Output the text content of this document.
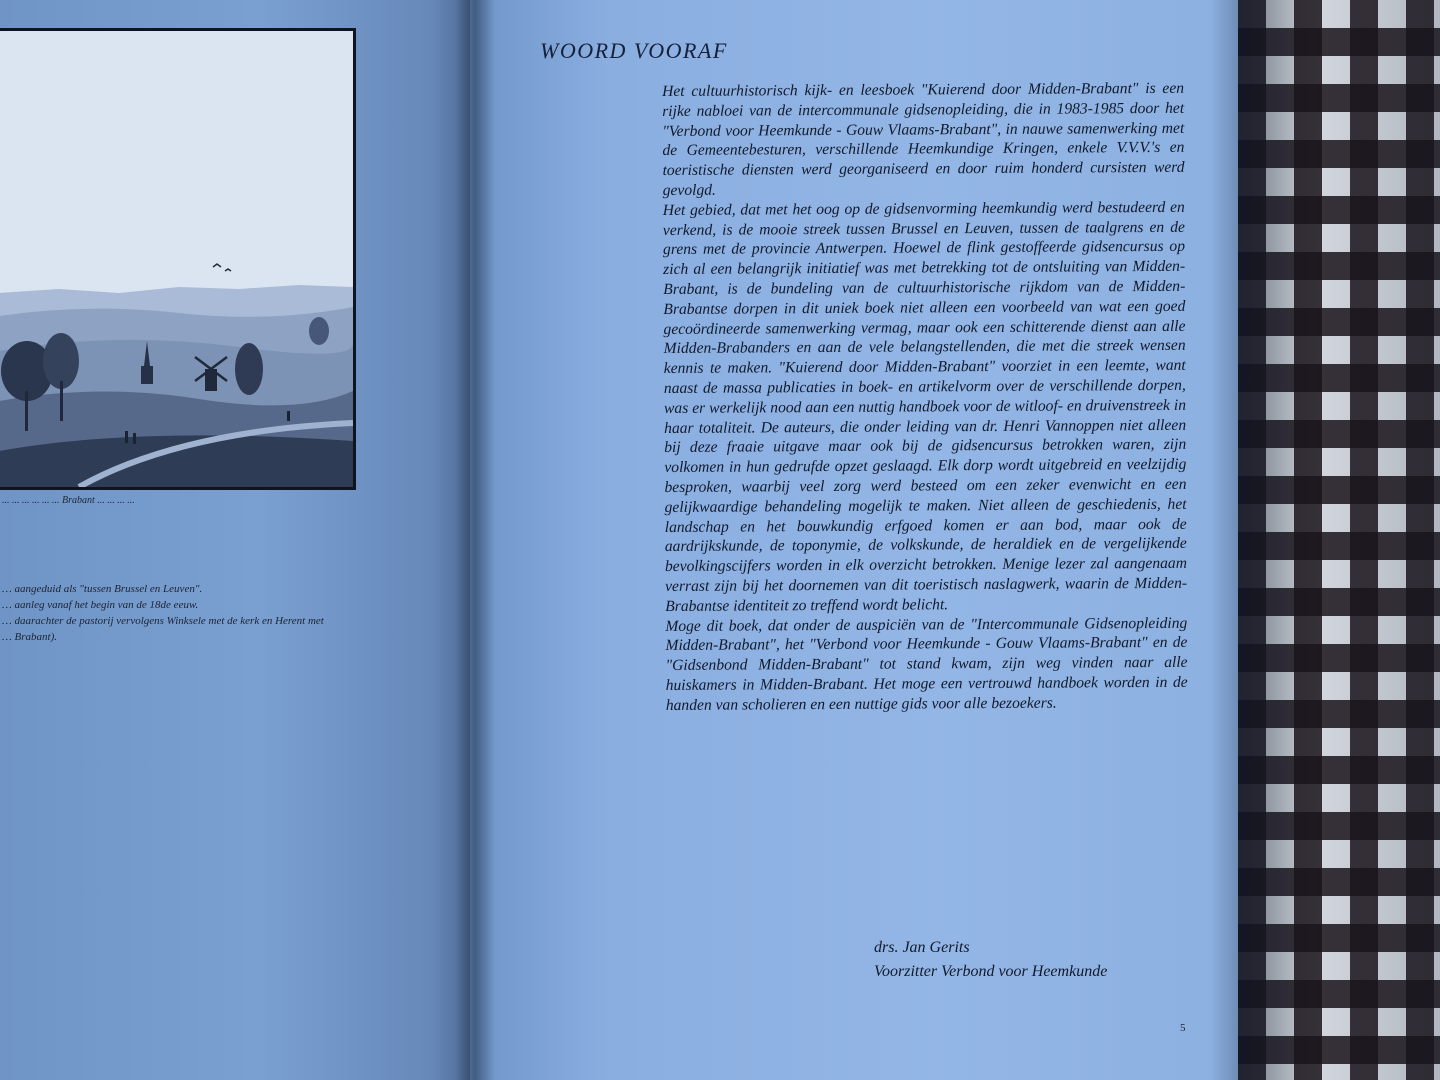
... ... ... ... ... ... Brabant ... ... ... ...
… aangeduid als "tussen Brussel en Leuven".
… aanleg vanaf het begin van de 18de eeuw.
… daarachter de pastorij vervolgens Winksele met de kerk en Herent met
… Brabant).
WOORD VOORAF

Het cultuurhistorisch kijk- en leesboek "Kuierend door Midden-Brabant" is een rijke nabloei van de intercommunale gidsenopleiding, die in 1983-1985 door het "Verbond voor Heemkunde - Gouw Vlaams-Brabant", in nauwe samenwerking met de Gemeentebesturen, verschillende Heemkundige Kringen, enkele V.V.V.'s en toeristische diensten werd georganiseerd en door ruim honderd cursisten werd gevolgd.

Het gebied, dat met het oog op de gidsenvorming heemkundig werd bestudeerd en verkend, is de mooie streek tussen Brussel en Leuven, tussen de taalgrens en de grens met de provincie Antwerpen. Hoewel de flink gestoffeerde gidsencursus op zich al een belangrijk initiatief was met betrekking tot de ontsluiting van Midden-Brabant, is de bundeling van de cultuurhistorische rijkdom van de Midden-Brabantse dorpen in dit uniek boek niet alleen een voorbeeld van wat een goed gecoördineerde samenwerking vermag, maar ook een schitterende dienst aan alle Midden-Brabanders en aan de vele belangstellenden, die met die streek wensen kennis te maken. "Kuierend door Midden-Brabant" voorziet in een leemte, want naast de massa publicaties in boek- en artikelvorm over de verschillende dorpen, was er werkelijk nood aan een nuttig handboek voor de witloof- en druivenstreek in haar totaliteit. De auteurs, die onder leiding van dr. Henri Vannoppen niet alleen bij deze fraaie uitgave maar ook bij de gidsencursus betrokken waren, zijn volkomen in hun gedrufde opzet geslaagd. Elk dorp wordt uitgebreid en veelzijdig besproken, waarbij veel zorg werd besteed om een zeker evenwicht en een gelijkwaardige behandeling mogelijk te maken. Niet alleen de geschiedenis, het landschap en het bouwkundig erfgoed komen er aan bod, maar ook de aardrijkskunde, de toponymie, de volkskunde, de heraldiek en de vergelijkende bevolkingscijfers worden in elk overzicht betrokken. Menige lezer zal aangenaam verrast zijn bij het doornemen van dit toeristisch naslagwerk, waarin de Midden-Brabantse identiteit zo treffend wordt belicht.

Moge dit boek, dat onder de auspiciën van de "Intercommunale Gidsenopleiding Midden-Brabant", het "Verbond voor Heemkunde - Gouw Vlaams-Brabant" en de "Gidsenbond Midden-Brabant" tot stand kwam, zijn weg vinden naar alle huiskamers in Midden-Brabant. Het moge een vertrouwd handboek worden in de handen van scholieren en een nuttige gids voor alle bezoekers.

drs. Jan Gerits
Voorzitter Verbond voor Heemkunde
5
